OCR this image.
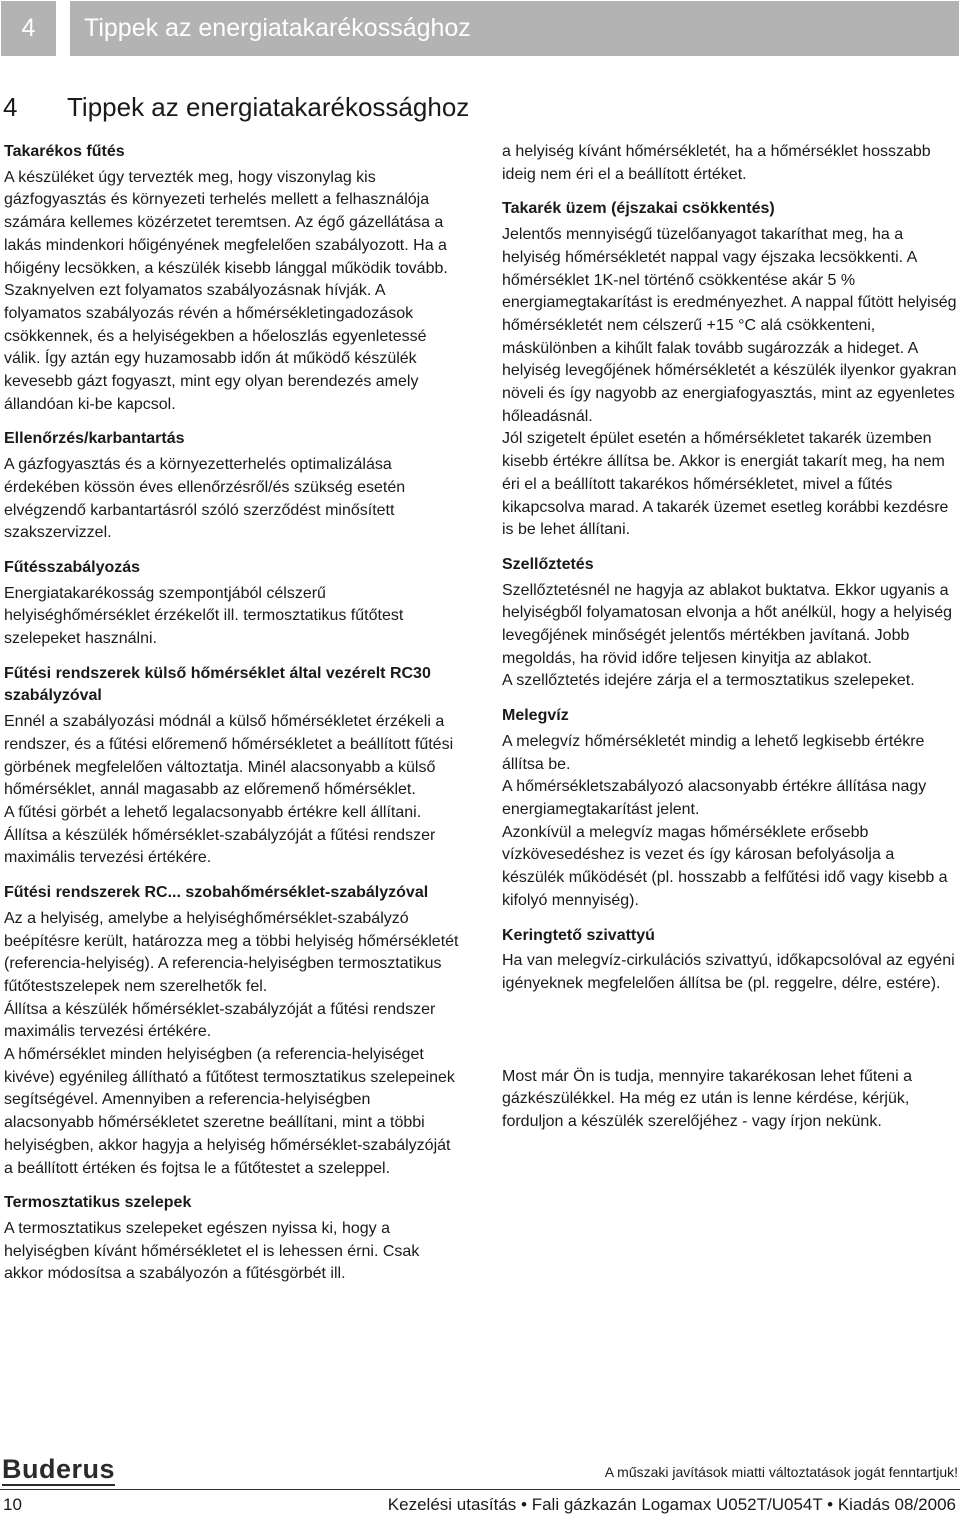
4	Tippek az energiatakarékossághoz
4 Tippek az energiatakarékossághoz
Takarékos fűtés

A készüléket úgy tervezték meg, hogy viszonylag kis gázfogyasztás és környezeti terhelés mellett a felhasználója számára kellemes közérzetet teremtsen. Az égő gázellátása a lakás mindenkori hőigényének megfelelően szabályozott. Ha a hőigény lecsökken, a készülék kisebb lánggal működik tovább. Szaknyelven ezt folyamatos szabályozásnak hívják. A folyamatos szabályozás révén a hőmérsékletingadozások csökkennek, és a helyiségekben a hőeloszlás egyenletessé válik. Így aztán egy huzamosabb időn át működő készülék kevesebb gázt fogyaszt, mint egy olyan berendezés amely állandóan ki-be kapcsol.

Ellenőrzés/karbantartás

A gázfogyasztás és a környezetterhelés optimalizálása érdekében kössön éves ellenőrzésről/és szükség esetén elvégzendő karbantartásról szóló szerződést minősített szakszervizzel.

Fűtésszabályozás

Energiatakarékosság szempontjából célszerű helyiséghőmérséklet érzékelőt ill. termosztatikus fűtőtest szelepeket használni.

Fűtési rendszerek külső hőmérséklet által vezérelt RC30 szabályzóval

Ennél a szabályozási módnál a külső hőmérsékletet érzékeli a rendszer, és a fűtési előremenő hőmérsékletet a beállított fűtési görbének megfelelően változtatja. Minél alacsonyabb a külső hőmérséklet, annál magasabb az előremenő hőmérséklet.

A fűtési görbét a lehető legalacsonyabb értékre kell állítani. Állítsa a készülék hőmérséklet-szabályzóját a fűtési rendszer maximális tervezési értékére.

Fűtési rendszerek RC... szobahőmérséklet-szabályzóval

Az a helyiség, amelybe a helyiséghőmérséklet-szabályzó beépítésre került, határozza meg a többi helyiség hőmérsékletét (referencia-helyiség). A referencia-helyiségben termosztatikus fűtőtestszelepek nem szerelhetők fel.

Állítsa a készülék hőmérséklet-szabályzóját a fűtési rendszer maximális tervezési értékére.

A hőmérséklet minden helyiségben (a referencia-helyiséget kivéve) egyénileg állítható a fűtőtest termosztatikus szelepeinek segítségével. Amennyiben a referencia-helyiségben alacsonyabb hőmérsékletet szeretne beállítani, mint a többi helyiségben, akkor hagyja a helyiség hőmérséklet-szabályzóját a beállított értéken és fojtsa le a fűtőtestet a szeleppel.

Termosztatikus szelepek

A termosztatikus szelepeket egészen nyissa ki, hogy a helyiségben kívánt hőmérsékletet el is lehessen érni. Csak akkor módosítsa a szabályozón a fűtésgörbét ill.

a helyiség kívánt hőmérsékletét, ha a hőmérséklet hosszabb ideig nem éri el a beállított értéket.

Takarék üzem (éjszakai csökkentés)

Jelentős mennyiségű tüzelőanyagot takaríthat meg, ha a helyiség hőmérsékletét nappal vagy éjszaka lecsökkenti. A hőmérséklet 1K-nel történő csökkentése akár 5 % energiamegtakarítást is eredményezhet. A nappal fűtött helyiség hőmérsékletét nem célszerű +15 °C alá csökkenteni, máskülönben a kihűlt falak tovább sugározzák a hideget. A helyiség levegőjének hőmérsékletét a készülék ilyenkor gyakran növeli és így nagyobb az energiafogyasztás, mint az egyenletes hőleadásnál.

Jól szigetelt épület esetén a hőmérsékletet takarék üzemben kisebb értékre állítsa be. Akkor is energiát takarít meg, ha nem éri el a beállított takarékos hőmérsékletet, mivel a fűtés kikapcsolva marad. A takarék üzemet esetleg korábbi kezdésre is be lehet állítani.

Szellőztetés

Szellőztetésnél ne hagyja az ablakot buktatva. Ekkor ugyanis a helyiségből folyamatosan elvonja a hőt anélkül, hogy a helyiség levegőjének minőségét jelentős mértékben javítaná. Jobb megoldás, ha rövid időre teljesen kinyitja az ablakot.

A szellőztetés idejére zárja el a termosztatikus szelepeket.

Melegvíz

A melegvíz hőmérsékletét mindig a lehető legkisebb értékre állítsa be.

A hőmérsékletszabályozó alacsonyabb értékre állítása nagy energiamegtakarítást jelent.

Azonkívül a melegvíz magas hőmérséklete erősebb vízkövesedéshez is vezet és így károsan befolyásolja a készülék működését (pl. hosszabb a felfűtési idő vagy kisebb a kifolyó mennyiség).

Keringtető szivattyú

Ha van melegvíz-cirkulációs szivattyú, időkapcsolóval az egyéni igényeknek megfelelően állítsa be (pl. reggelre, délre, estére).

Most már Ön is tudja, mennyire takarékosan lehet fűteni a gázkészülékkel. Ha még ez után is lenne kérdése, kérjük, forduljon a készülék szerelőjéhez - vagy írjon nekünk.

Buderus	A műszaki javítások miatti változtatások jogát fenntartjuk!
10	Kezelési utasítás • Fali gázkazán Logamax U052T/U054T • Kiadás 08/2006
